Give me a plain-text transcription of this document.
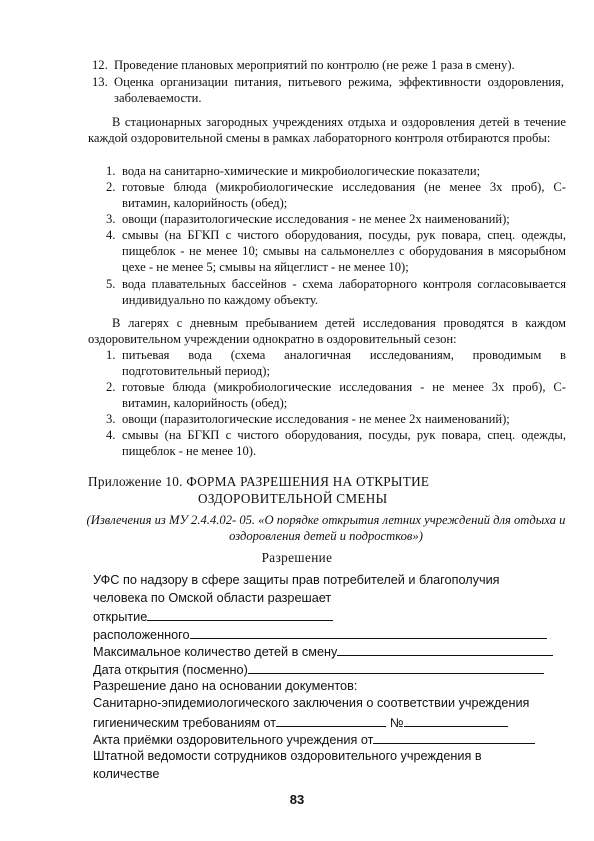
12. Проведение плановых мероприятий по контролю (не реже 1 раза в смену).
13. Оценка организации питания, питьевого режима, эффективности оздоровления, заболеваемости.
В стационарных загородных учреждениях отдыха и оздоровления детей в течение каждой оздоровительной смены в рамках лабораторного контроля отбираются пробы:
1. вода на санитарно-химические и микробиологические показатели;
2. готовые блюда (микробиологические исследования (не менее 3х проб), С-витамин, калорийность (обед);
3. овощи (паразитологические исследования - не менее 2х наименований);
4. смывы (на БГКП с чистого оборудования, посуды, рук повара, спец. одежды, пищеблок - не менее 10; смывы на сальмонеллез с оборудования в мясорыбном цехе - не менее 5; смывы на яйцеглист - не менее 10);
5. вода плавательных бассейнов - схема лабораторного контроля согласовывается индивидуально по каждому объекту.
В лагерях с дневным пребыванием детей исследования проводятся в каждом оздоровительном учреждении однократно в оздоровительный сезон:
1. питьевая вода (схема аналогичная исследованиям, проводимым в подготовительный период);
2. готовые блюда (микробиологические исследования - не менее 3х проб), С-витамин, калорийность (обед);
3. овощи (паразитологические исследования - не менее 2х наименований);
4. смывы (на БГКП с чистого оборудования, посуды, рук повара, спец. одежды, пищеблок - не менее 10).
Приложение 10. ФОРМА РАЗРЕШЕНИЯ НА ОТКРЫТИЕ
ОЗДОРОВИТЕЛЬНОЙ СМЕНЫ
(Извлечения из МУ 2.4.4.02- 05. «О порядке открытия летних учреждений для отдыха и оздоровления детей и подростков»)
Разрешение
УФС по надзору в сфере защиты прав потребителей и благополучия
человека по Омской области разрешает
открытие
расположенного
Максимальное количество детей в смену
Дата открытия (посменно)
Разрешение дано на основании документов:
Санитарно-эпидемиологического заключения о соответствии учреждения
гигиеническим требованиям от	№
Акта приёмки оздоровительного учреждения от
Штатной ведомости сотрудников оздоровительного учреждения в
количестве
83
